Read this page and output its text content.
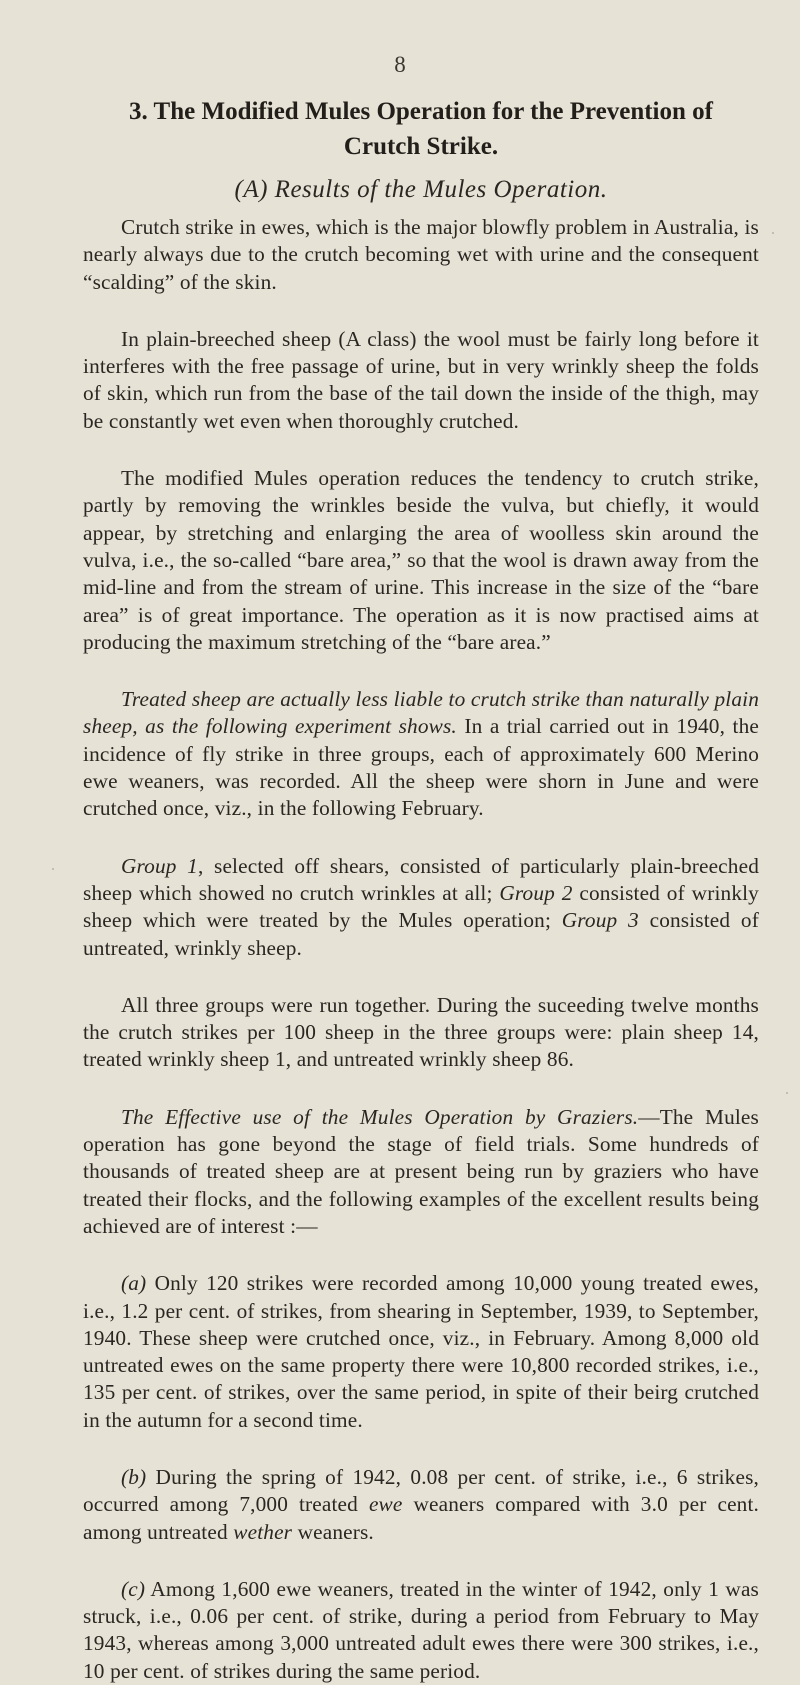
8
3. The Modified Mules Operation for the Prevention of
Crutch Strike.
(A) Results of the Mules Operation.

Crutch strike in ewes, which is the major blowfly problem in Australia, is nearly always due to the crutch becoming wet with urine and the consequent “scalding” of the skin.

In plain-breeched sheep (A class) the wool must be fairly long before it interferes with the free passage of urine, but in very wrinkly sheep the folds of skin, which run from the base of the tail down the inside of the thigh, may be constantly wet even when thoroughly crutched.

The modified Mules operation reduces the tendency to crutch strike, partly by removing the wrinkles beside the vulva, but chiefly, it would appear, by stretching and enlarging the area of woolless skin around the vulva, i.e., the so-called “bare area,” so that the wool is drawn away from the mid-line and from the stream of urine. This increase in the size of the “bare area” is of great importance. The operation as it is now practised aims at producing the maximum stretching of the “bare area.”

Treated sheep are actually less liable to crutch strike than naturally plain sheep, as the following experiment shows. In a trial carried out in 1940, the incidence of fly strike in three groups, each of approximately 600 Merino ewe weaners, was recorded. All the sheep were shorn in June and were crutched once, viz., in the following February.

Group 1, selected off shears, consisted of particularly plain-breeched sheep which showed no crutch wrinkles at all; Group 2 consisted of wrinkly sheep which were treated by the Mules operation; Group 3 consisted of untreated, wrinkly sheep.

All three groups were run together. During the suceeding twelve months the crutch strikes per 100 sheep in the three groups were: plain sheep 14, treated wrinkly sheep 1, and untreated wrinkly sheep 86.

The Effective use of the Mules Operation by Graziers.—The Mules operation has gone beyond the stage of field trials. Some hundreds of thousands of treated sheep are at present being run by graziers who have treated their flocks, and the following examples of the excellent results being achieved are of interest :—

(a) Only 120 strikes were recorded among 10,000 young treated ewes, i.e., 1.2 per cent. of strikes, from shearing in September, 1939, to September, 1940. These sheep were crutched once, viz., in February. Among 8,000 old untreated ewes on the same property there were 10,800 recorded strikes, i.e., 135 per cent. of strikes, over the same period, in spite of their beirg crutched in the autumn for a second time.

(b) During the spring of 1942, 0.08 per cent. of strike, i.e., 6 strikes, occurred among 7,000 treated ewe weaners compared with 3.0 per cent. among untreated wether weaners.

(c) Among 1,600 ewe weaners, treated in the winter of 1942, only 1 was struck, i.e., 0.06 per cent. of strike, during a period from February to May 1943, whereas among 3,000 untreated adult ewes there were 300 strikes, i.e., 10 per cent. of strikes during the same period.
